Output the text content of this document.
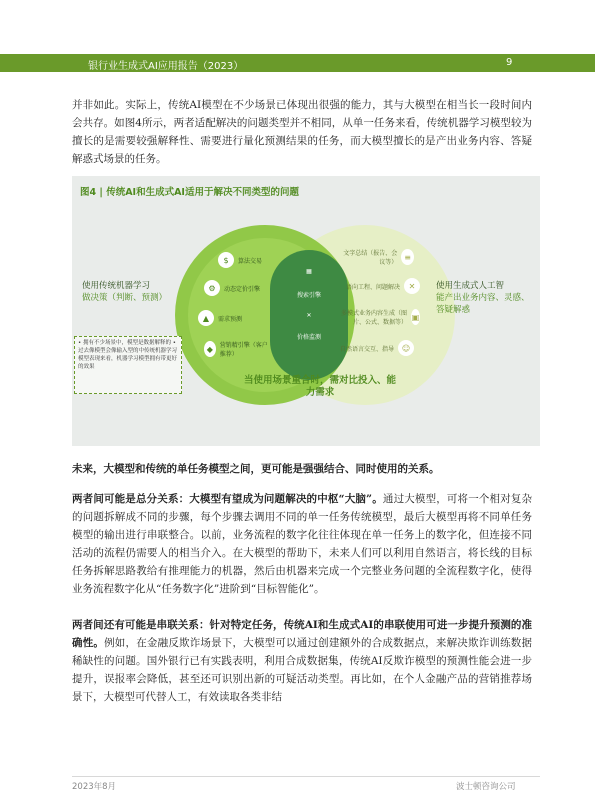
银行业生成式AI应用报告（2023）	9
并非如此。实际上，传统AI模型在不少场景已体现出很强的能力，其与大模型在相当长一段时间内会共存。如图4所示，两者适配解决的问题类型并不相同，从单一任务来看，传统机器学习模型较为擅长的是需要较强解释性、需要进行量化预测结果的任务，而大模型擅长的是产出业务内容、答疑解惑式场景的任务。
图4 | 传统AI和生成式AI适用于解决不同类型的问题
▦
搜索引擎
✕
价格监测
$	算法交易
⚙	动态定价引擎
▲	需求预测
◆	营销精引擎（客户推荐）
文字总结（报告、会议等）
≡
语向工程、问题解决	✕
多模式业务内容生成（图片、公式、数据等）
▣
自然语言交互、指导 ☺
使用传统机器学习
做决策（判断、预测）
• 拥有不少场景中，模型是数据解释的 • 过去像模型会像输入型的中传统机器学习模型表现来看，机器学习模型拥有带更好的效果
使用生成式人工智
能产出业务内容、灵感、答疑解惑
当使用场景重合时，需对比投入、能力需求
未来，大模型和传统的单任务模型之间，更可能是强强结合、同时使用的关系。
两者间可能是总分关系：大模型有望成为问题解决的中枢“大脑”。通过大模型，可将一个相对复杂的问题拆解成不同的步骤，每个步骤去调用不同的单一任务传统模型，最后大模型再将不同单任务模型的输出进行串联整合。以前，业务流程的数字化往往体现在单一任务上的数字化，但连接不同活动的流程仍需要人的相当介入。在大模型的帮助下，未来人们可以利用自然语言，将长线的目标任务拆解思路教给有推理能力的机器，然后由机器来完成一个完整业务问题的全流程数字化，使得业务流程数字化从“任务数字化”进阶到“目标智能化”。
两者间还有可能是串联关系：针对特定任务，传统AI和生成式AI的串联使用可进一步提升预测的准确性。例如，在金融反欺诈场景下，大模型可以通过创建额外的合成数据点，来解决欺诈训练数据稀缺性的问题。国外银行已有实践表明，利用合成数据集，传统AI反欺诈模型的预测性能会进一步提升，误报率会降低，甚至还可识别出新的可疑活动类型。再比如，在个人金融产品的营销推荐场景下，大模型可代替人工，有效读取各类非结
2023年8月	波士顿咨询公司
